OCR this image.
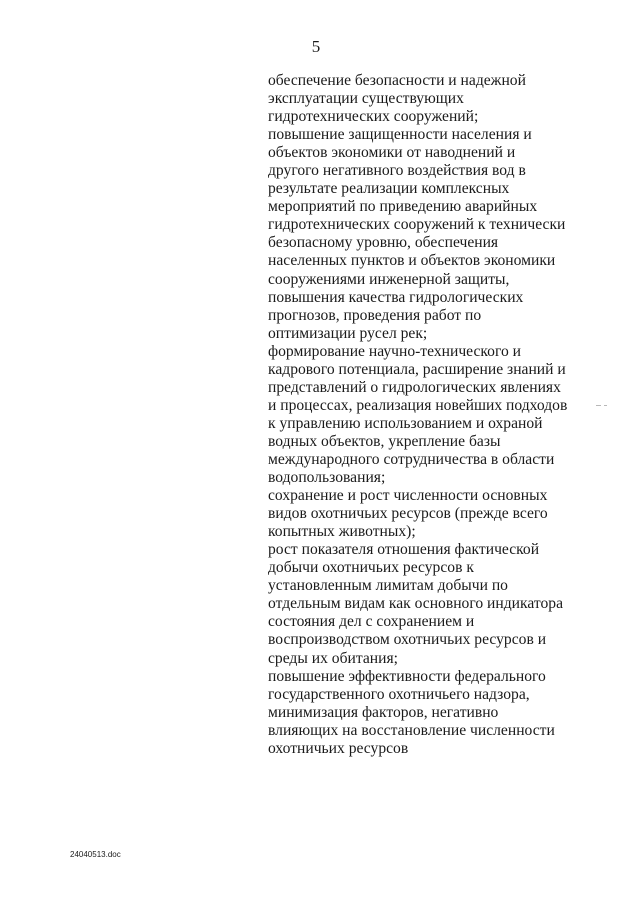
5
обеспечение безопасности и надежной
эксплуатации существующих
гидротехнических сооружений;
повышение защищенности населения и
объектов экономики от наводнений и
другого негативного воздействия вод в
результате реализации комплексных
мероприятий по приведению аварийных
гидротехнических сооружений к технически
безопасному уровню, обеспечения
населенных пунктов и объектов экономики
сооружениями инженерной защиты,
повышения качества гидрологических
прогнозов, проведения работ по
оптимизации русел рек;
формирование научно-технического и
кадрового потенциала, расширение знаний и
представлений о гидрологических явлениях
и процессах, реализация новейших подходов
к управлению использованием и охраной
водных объектов, укрепление базы
международного сотрудничества в области
водопользования;
сохранение и рост численности основных
видов охотничьих ресурсов (прежде всего
копытных животных);
рост показателя отношения фактической
добычи охотничьих ресурсов к
установленным лимитам добычи по
отдельным видам как основного индикатора
состояния дел с сохранением и
воспроизводством охотничьих ресурсов и
среды их обитания;
повышение эффективности федерального
государственного охотничьего надзора,
минимизация факторов, негативно
влияющих на восстановление численности
охотничьих ресурсов
24040513.doc
